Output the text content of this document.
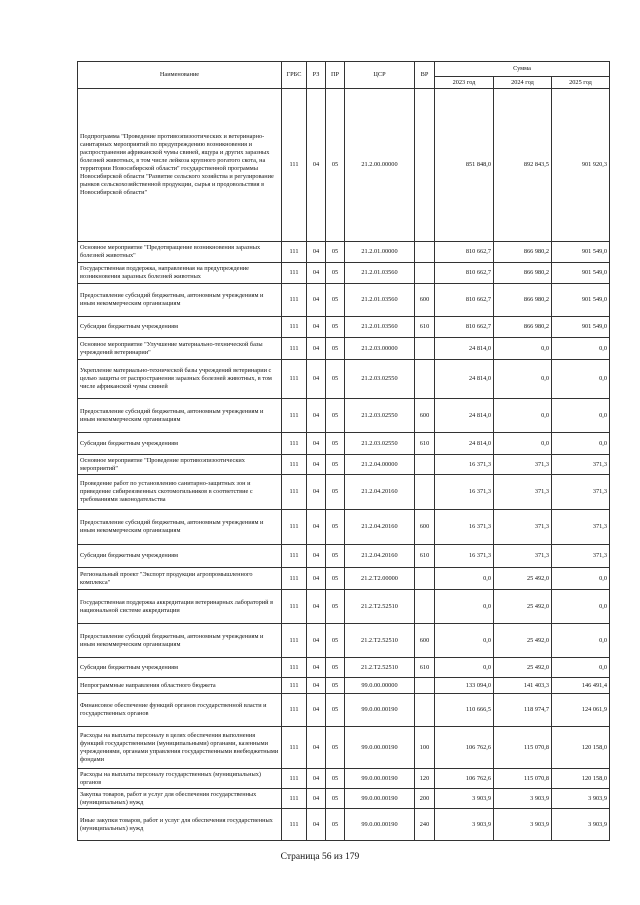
Наименование	ГРБС	РЗ	ПР	ЦСР	ВР	Сумма		
						2023 год	2024 год	2025 год
Подпрограмма "Проведение противоэпизоотических и ветеринарно-санитарных мероприятий по предупреждению возникновения и распространения африканской чумы свиней, ящура и других заразных болезней животных, в том числе лейкоза крупного рогатого скота, на территории Новосибирской области" государственной программы Новосибирской области "Развитие сельского хозяйства и регулирование рынков сельскохозяйственной продукции, сырья и продовольствия в Новосибирской области"	111	04	05	21.2.00.00000		851 848,0	892 843,5	901 920,3
Основное мероприятие "Предотвращение возникновения заразных болезней животных"	111	04	05	21.2.01.00000		810 662,7	866 980,2	901 549,0
Государственная поддержка, направленная на предупреждение возникновения заразных болезней животных	111	04	05	21.2.01.03560		810 662,7	866 980,2	901 549,0
Предоставление субсидий бюджетным, автономным учреждениям и иным некоммерческим организациям	111	04	05	21.2.01.03560	600	810 662,7	866 980,2	901 549,0
Субсидии бюджетным учреждениям	111	04	05	21.2.01.03560	610	810 662,7	866 980,2	901 549,0
Основное мероприятие "Улучшение материально-технической базы учреждений ветеринарии"	111	04	05	21.2.03.00000		24 814,0	0,0	0,0
Укрепление материально-технической базы учреждений ветеринарии с целью защиты от распространения заразных болезней животных, в том числе африканской чумы свиней	111	04	05	21.2.03.02550		24 814,0	0,0	0,0
Предоставление субсидий бюджетным, автономным учреждениям и иным некоммерческим организациям	111	04	05	21.2.03.02550	600	24 814,0	0,0	0,0
Субсидии бюджетным учреждениям	111	04	05	21.2.03.02550	610	24 814,0	0,0	0,0
Основное мероприятие "Проведение противоэпизоотических мероприятий"	111	04	05	21.2.04.00000		16 371,3	371,3	371,3
Проведение работ по установлению санитарно-защитных зон и приведение сибиреязвенных скотомогильников в соответствие с требованиями законодательства	111	04	05	21.2.04.20160		16 371,3	371,3	371,3
Предоставление субсидий бюджетным, автономным учреждениям и иным некоммерческим организациям	111	04	05	21.2.04.20160	600	16 371,3	371,3	371,3
Субсидии бюджетным учреждениям	111	04	05	21.2.04.20160	610	16 371,3	371,3	371,3
Региональный проект "Экспорт продукции агропромышленного комплекса"	111	04	05	21.2.T2.00000		0,0	25 492,0	0,0
Государственная поддержка аккредитации ветеринарных лабораторий в национальной системе аккредитации	111	04	05	21.2.T2.52510		0,0	25 492,0	0,0
Предоставление субсидий бюджетным, автономным учреждениям и иным некоммерческим организациям	111	04	05	21.2.T2.52510	600	0,0	25 492,0	0,0
Субсидии бюджетным учреждениям	111	04	05	21.2.T2.52510	610	0,0	25 492,0	0,0
Непрограммные направления областного бюджета	111	04	05	99.0.00.00000		133 094,0	141 403,3	146 491,4
Финансовое обеспечение функций органов государственной власти и государственных органов	111	04	05	99.0.00.00190		110 666,5	118 974,7	124 061,9
Расходы на выплаты персоналу в целях обеспечения выполнения функций государственными (муниципальными) органами, казенными учреждениями, органами управления государственными внебюджетными фондами	111	04	05	99.0.00.00190	100	106 762,6	115 070,8	120 158,0
Расходы на выплаты персоналу государственных (муниципальных) органов	111	04	05	99.0.00.00190	120	106 762,6	115 070,8	120 158,0
Закупка товаров, работ и услуг для обеспечения государственных (муниципальных) нужд	111	04	05	99.0.00.00190	200	3 903,9	3 903,9	3 903,9
Иные закупки товаров, работ и услуг для обеспечения государственных (муниципальных) нужд	111	04	05	99.0.00.00190	240	3 903,9	3 903,9	3 903,9
Страница 56 из 179
